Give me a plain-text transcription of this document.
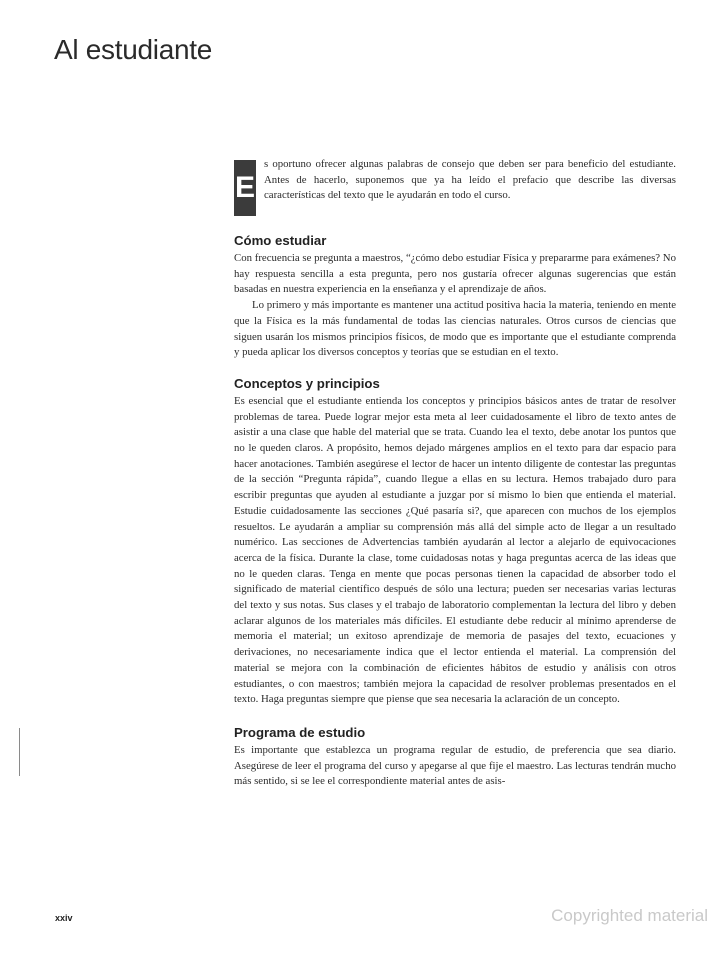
Al estudiante
E
s oportuno ofrecer algunas palabras de consejo que deben ser para beneficio del estudiante. Antes de hacerlo, suponemos que ya ha leído el prefacio que describe las diversas características del texto que le ayudarán en todo el curso.
Cómo estudiar

Con frecuencia se pregunta a maestros, “¿cómo debo estudiar Física y prepararme para exámenes? No hay respuesta sencilla a esta pregunta, pero nos gustaría ofrecer algunas sugerencias que están basadas en nuestra experiencia en la enseñanza y el aprendizaje de años.

Lo primero y más importante es mantener una actitud positiva hacia la materia, teniendo en mente que la Física es la más fundamental de todas las ciencias naturales. Otros cursos de ciencias que siguen usarán los mismos principios físicos, de modo que es importante que el estudiante comprenda y pueda aplicar los diversos conceptos y teorías que se estudian en el texto.

Conceptos y principios

Es esencial que el estudiante entienda los conceptos y principios básicos antes de tratar de resolver problemas de tarea. Puede lograr mejor esta meta al leer cuidadosamente el libro de texto antes de asistir a una clase que hable del material que se trata. Cuando lea el texto, debe anotar los puntos que no le queden claros. A propósito, hemos dejado márgenes amplios en el texto para dar espacio para hacer anotaciones. También asegúrese el lector de hacer un intento diligente de contestar las preguntas de la sección “Pregunta rápida”, cuando llegue a ellas en su lectura. Hemos trabajado duro para escribir preguntas que ayuden al estudiante a juzgar por sí mismo lo bien que entienda el material. Estudie cuidadosamente las secciones ¿Qué pasaría si?, que aparecen con muchos de los ejemplos resueltos. Le ayudarán a ampliar su comprensión más allá del simple acto de llegar a un resultado numérico. Las secciones de Advertencias también ayudarán al lector a alejarlo de equivocaciones acerca de la física. Durante la clase, tome cuidadosas notas y haga preguntas acerca de las ideas que no le queden claras. Tenga en mente que pocas personas tienen la capacidad de absorber todo el significado de material científico después de sólo una lectura; pueden ser necesarias varias lecturas del texto y sus notas. Sus clases y el trabajo de laboratorio complementan la lectura del libro y deben aclarar algunos de los materiales más difíciles. El estudiante debe reducir al mínimo aprenderse de memoria el material; un exitoso aprendizaje de memoria de pasajes del texto, ecuaciones y derivaciones, no necesariamente indica que el lector entienda el material. La comprensión del material se mejora con la combinación de eficientes hábitos de estudio y análisis con otros estudiantes, o con maestros; también mejora la capacidad de resolver problemas presentados en el texto. Haga preguntas siempre que piense que sea necesaria la aclaración de un concepto.

Programa de estudio

Es importante que establezca un programa regular de estudio, de preferencia que sea diario. Asegúrese de leer el programa del curso y apegarse al que fije el maestro. Las lecturas tendrán mucho más sentido, si se lee el correspondiente material antes de asis-

xxiv	Copyrighted material
